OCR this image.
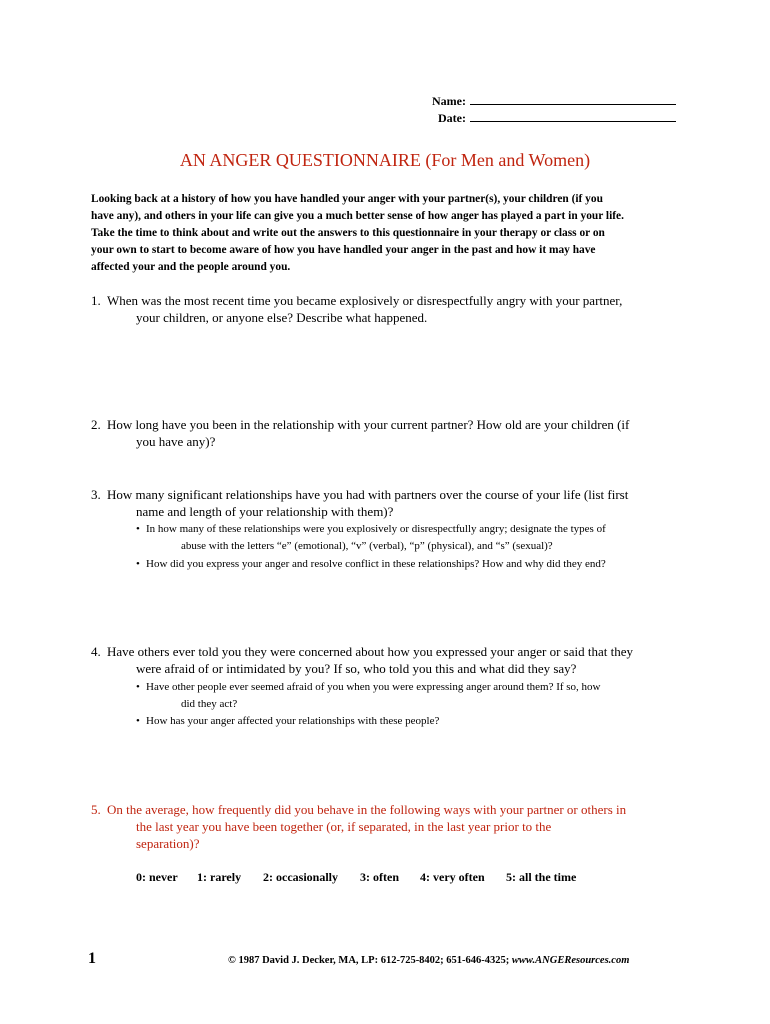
Name:
Date:
AN ANGER QUESTIONNAIRE (For Men and Women)
Looking back at a history of how you have handled your anger with your partner(s), your children (if you
have any), and others in your life can give you a much better sense of how anger has played a part in your life.
Take the time to think about and write out the answers to this questionnaire in your therapy or class or on
your own to start to become aware of how you have handled your anger in the past and how it may have
affected your and the people around you.
1. When was the most recent time you became explosively or disrespectfully angry with your partner,
your children, or anyone else? Describe what happened.
2. How long have you been in the relationship with your current partner? How old are your children (if
you have any)?
3. How many significant relationships have you had with partners over the course of your life (list first
name and length of your relationship with them)?
• In how many of these relationships were you explosively or disrespectfully angry; designate the types of
abuse with the letters “e” (emotional), “v” (verbal), “p” (physical), and “s” (sexual)?
• How did you express your anger and resolve conflict in these relationships? How and why did they end?
4. Have others ever told you they were concerned about how you expressed your anger or said that they
were afraid of or intimidated by you? If so, who told you this and what did they say?
• Have other people ever seemed afraid of you when you were expressing anger around them? If so, how
did they act?
• How has your anger affected your relationships with these people?
5. On the average, how frequently did you behave in the following ways with your partner or others in
the last year you have been together (or, if separated, in the last year prior to the
separation)?
0: never 1: rarely 2: occasionally 3: often 4: very often 5: all the time
1	© 1987 David J. Decker, MA, LP: 612-725-8402; 651-646-4325; www.ANGEResources.com
